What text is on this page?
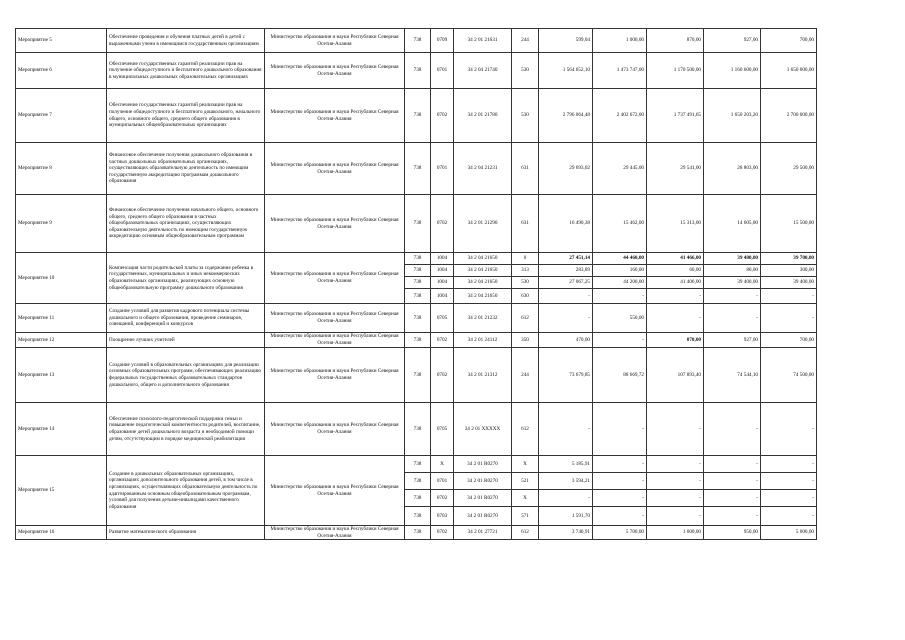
Мероприятие 5	Обеспечение проведения и обучения платных детей в детей с выраженными учени в имеющимся государственным организациям	Министерство образования и науки Республики Северная Осетия-Алания	738	0709	34 2 01 21631	244	599,04	1 000,00	870,00	927,00	700,00
Мероприятие 6	Обеспечение государственных гарантий реализации прав на получение общедоступного и бесплатного дошкольного образования в муниципальных дошкольных образовательных организациях	Министерство образования и науки Республики Северная Осетия-Алания	738	0701	34 2 04 21740	530	1 564 652,10	1 473 747,00	1 170 500,00	1 160 600,00	1 650 000,00
Мероприятие 7	Обеспечение государственных гарантий реализации прав на получение общедоступного и бесплатного дошкольного, начального общего, основного общего, среднего общего образования в муниципальных общеобразовательных организациях	Министерство образования и науки Республики Северная Осетия-Алания	738	0702	34 2 01 21780	530	2 796 064,48	2 402 672,00	1 737 491,65	1 650 203,20	2 700 000,00
Мероприятие 8	Финансовое обеспечение получения дошкольного образования в частных дошкольных образовательных организациях, осуществляющих образовательную деятельность по имеющим государственную аккредитацию программам дошкольного образования	Министерство образования и науки Республики Северная Осетия-Алания	738	0701	34 2 04 21231	631	29 693,02	29 445,00	29 541,00	28 803,00	29 500,00
Мероприятие 9	Финансовое обеспечение получения начального общего, основного общего, среднего общего образования в частных общеобразовательных организациях, осуществляющих образовательную деятельность по имеющим государственную аккредитацию основным общеобразовательным программам	Министерство образования и науки Республики Северная Осетия-Алания	738	0702	34 2 01 21290	631	16 490,38	15 462,00	15 313,00	14 605,00	15 500,00
Мероприятие 10	Компенсация части родительской платы за содержание ребенка в государственных, муниципальных и иных некоммерческих образовательных организациях, реализующих основную общеобразовательную программу дошкольного образования	Министерство образования и науки Республики Северная Осетия-Алания	738	1004	34 2 04 21650	0	27 451,14	44 460,00	41 466,00	39 480,00	39 700,00
			738	1004	34 2 04 21650	313	283,89	160,00	60,00	80,00	300,00
			738	1004	34 2 04 21650	530	27 067,25	44 200,00	41 406,00	39 400,00	39 400,00
			738	1004	34 2 04 21650	630	-	-	-	-	-
Мероприятие 11	Создание условий для развития кадрового потенциала системы дошкольного и общего образования, проведение семинаров, совещаний, конференций и конкурсов	Министерство образования и науки Республики Северная Осетия-Алания	738	0705	34 2 01 21232	612	-	550,00	-	-	-
Мероприятие 12	Поощрение лучших учителей	Министерство образования и науки Республики Северная Осетия-Алания	738	0702	34 2 01 24112	350	470,00	-	870,00	927,00	700,00
Мероприятие 13	Создание условий в образовательных организациях для реализации основных образовательных программ, обеспечивающих реализацию федеральных государственных образовательных стандартов дошкольного, общего и дополнительного образования	Министерство образования и науки Республики Северная Осетия-Алания	738	0702	34 2 01 21312	244	73 679,85	88 669,72	107 893,40	74 544,10	74 500,00
Мероприятие 14	Обеспечение психолого-педагогической поддержки семьи и повышение педагогической компетентности родителей, воспитание, образование детей дошкольного возраста и необходимой помощи детям, отсутствующим в порядке медицинской реабилитации	Министерство образования и науки Республики Северная Осетия-Алания	738	0705	34 2 01 XXXXX	612	-	-	-	-	-
Мероприятие 15	Создание в дошкольных образовательных организациях, организациях дополнительного образования детей, в том числе в организациях, осуществляющих образовательную деятельность по адаптированным основным общеобразовательным программам, условий для получения детьми-инвалидами качественного образования	Министерство образования и науки Республики Северная Осетия-Алания	738	X	34 2 01 R0270	X	5 185,91	-	-	-	-
			738	0701	34 2 01 R0270	521	3 594,21	-	-	-	-
			738	0702	34 2 01 R0270	X	-	-	-	-	-
			738	0703	34 2 01 R0270	571	1 591,70	-	-	-	-
Мероприятие 16	Развитие математического образования	Министерство образования и науки Республики Северная Осетия-Алания	738	0702	34 2 01 27721	612	3 740,91	5 700,00	1 000,00	950,00	5 000,00
